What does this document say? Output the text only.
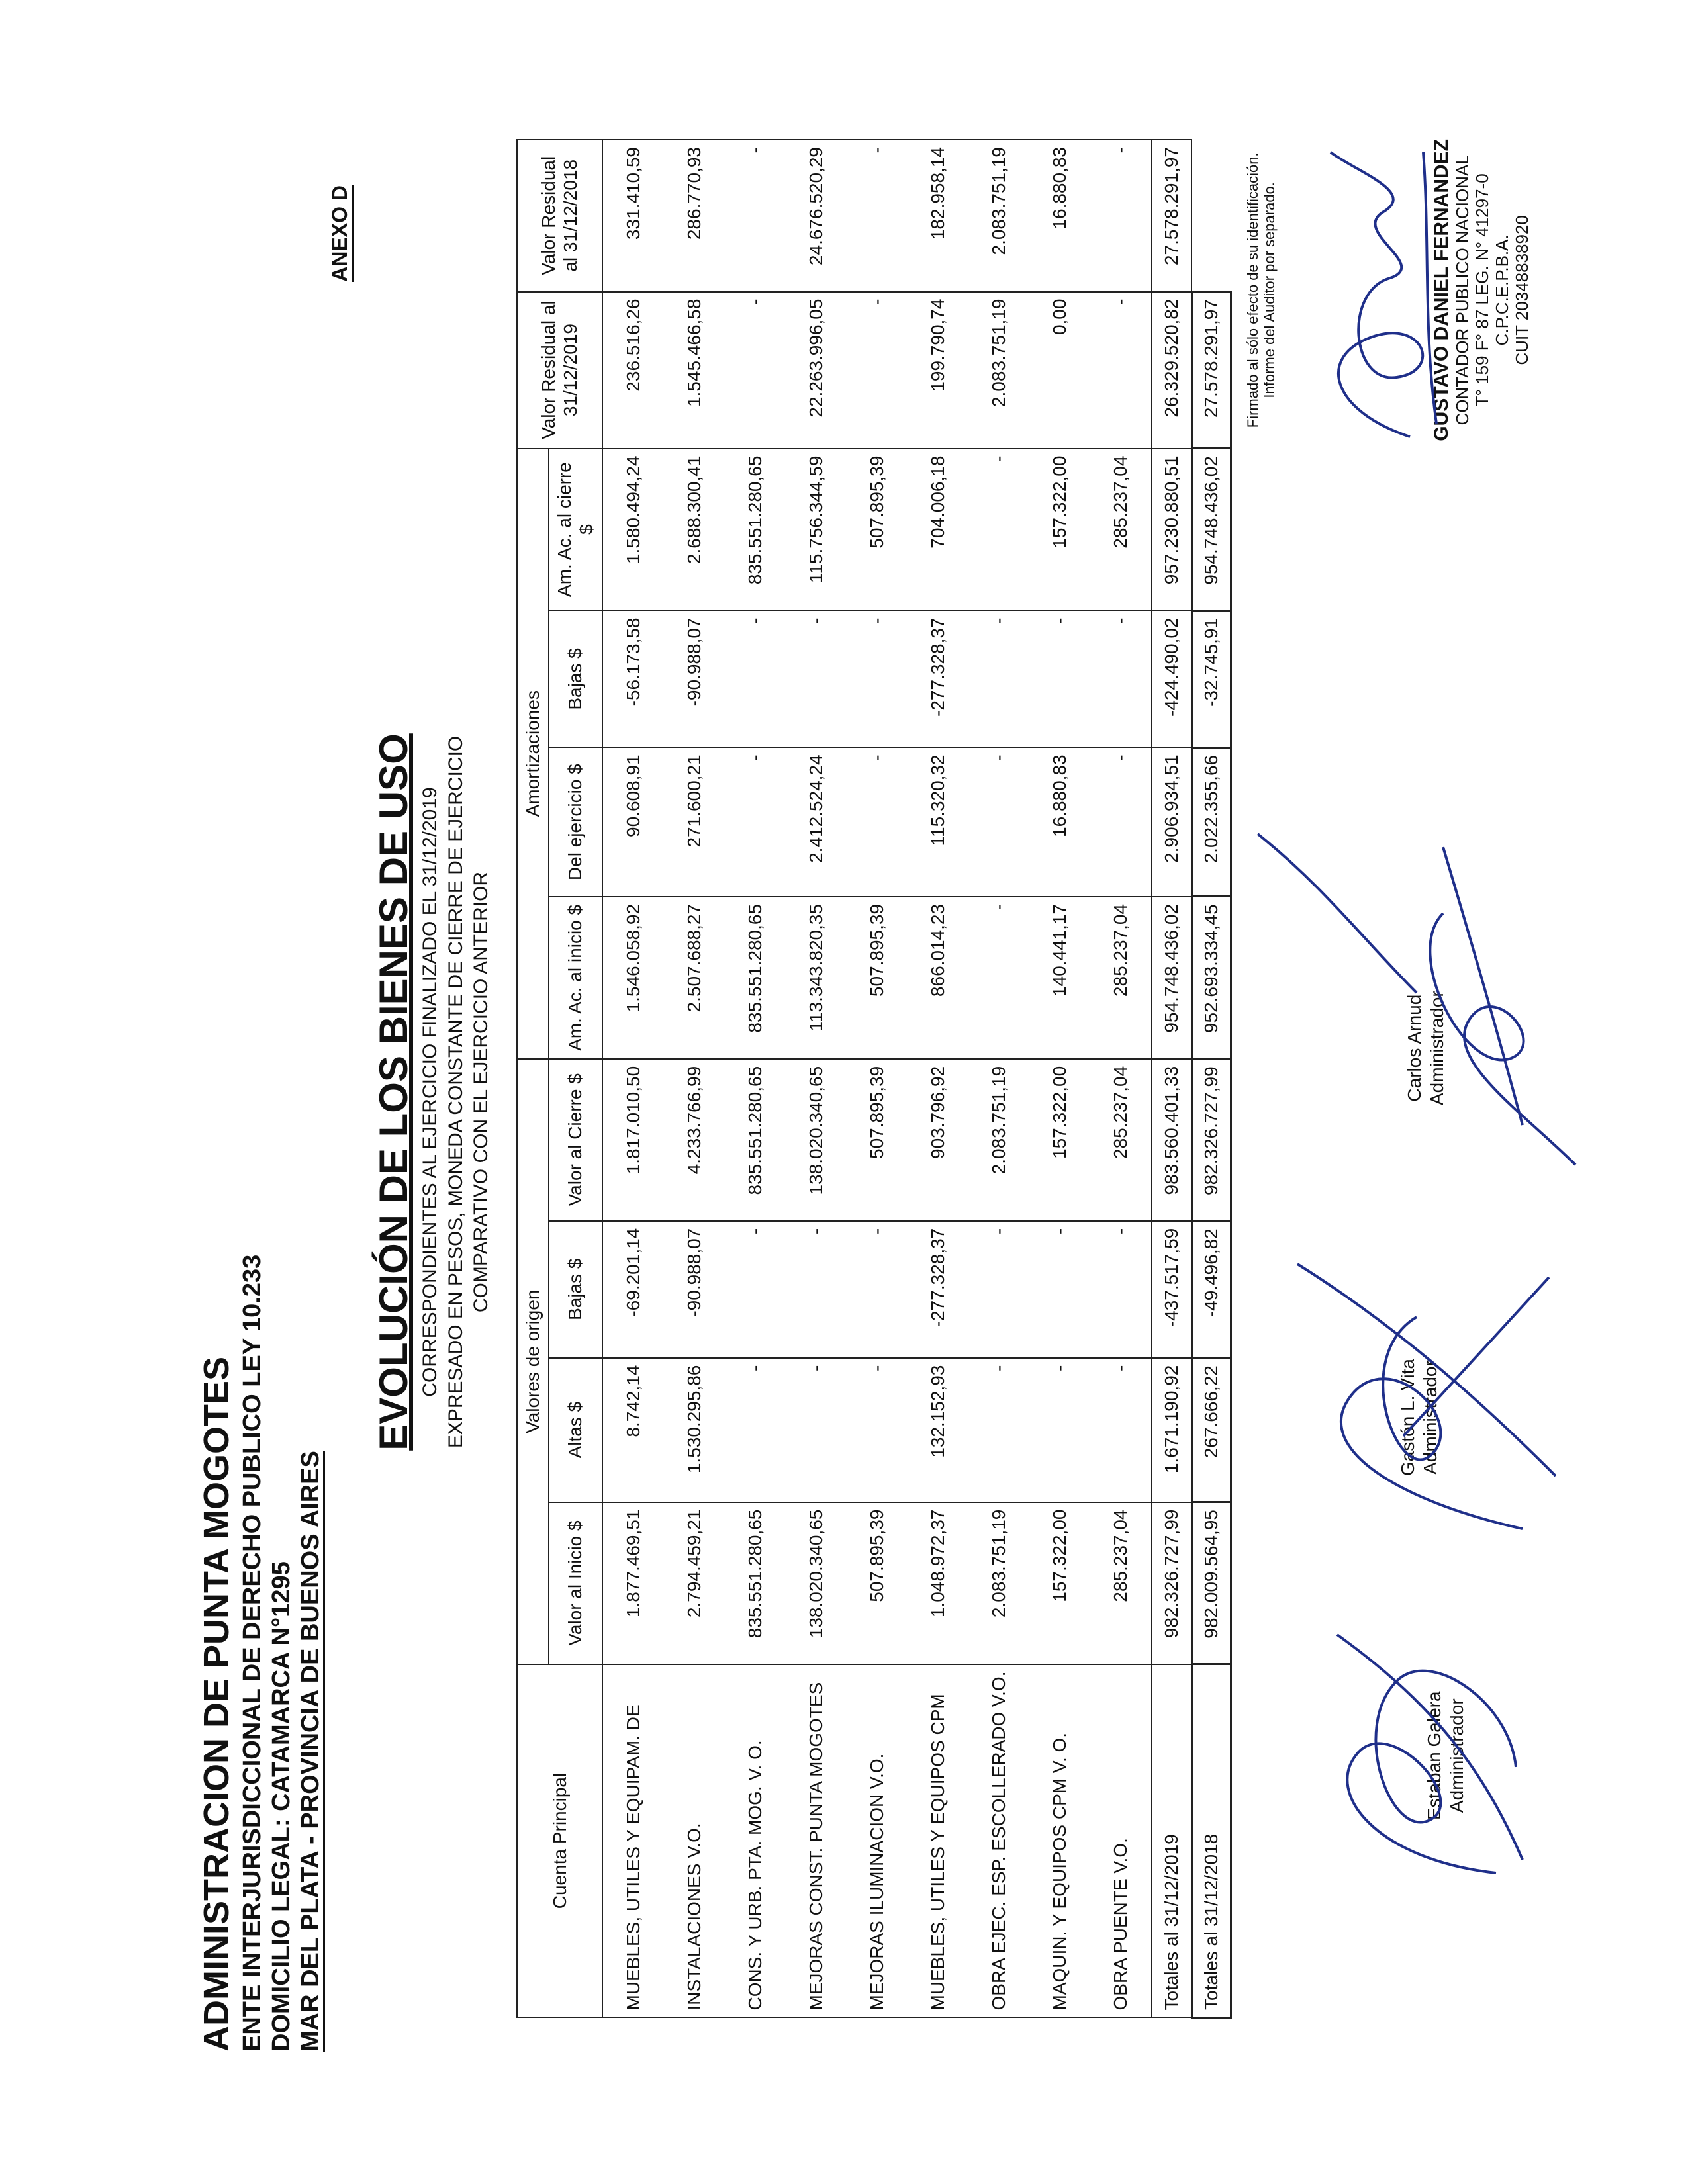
ADMINISTRACION DE PUNTA MOGOTES ENTE INTERJURISDICCIONAL DE DERECHO PUBLICO LEY 10.233 DOMICILIO LEGAL: CATAMARCA N°1295 MAR DEL PLATA - PROVINCIA DE BUENOS AIRES
ANEXO D
EVOLUCIÓN DE LOS BIENES DE USO CORRESPONDIENTES AL EJERCICIO FINALIZADO EL 31/12/2019 EXPRESADO EN PESOS, MONEDA CONSTANTE DE CIERRE DE EJERCICIO COMPARATIVO CON EL EJERCICIO ANTERIOR
Cuenta Principal	Valores de origen				Amortizaciones				Valor Residual al 31/12/2019	Valor Residual al 31/12/2018
	Valor al Inicio $	Altas $	Bajas $	Valor al Cierre $	Am. Ac. al inicio $	Del ejercicio $	Bajas $	Am. Ac. al cierre $		
MUEBLES, UTILES Y EQUIPAM. DE	1.877.469,51	8.742,14	-69.201,14	1.817.010,50	1.546.058,92	90.608,91	-56.173,58	1.580.494,24	236.516,26	331.410,59
INSTALACIONES V.O.	2.794.459,21	1.530.295,86	-90.988,07	4.233.766,99	2.507.688,27	271.600,21	-90.988,07	2.688.300,41	1.545.466,58	286.770,93
CONS. Y URB. PTA. MOG. V. O.	835.551.280,65	-	-	835.551.280,65	835.551.280,65	-	-	835.551.280,65	-	-
MEJORAS CONST. PUNTA MOGOTES	138.020.340,65	-	-	138.020.340,65	113.343.820,35	2.412.524,24	-	115.756.344,59	22.263.996,05	24.676.520,29
MEJORAS ILUMINACION V.O.	507.895,39	-	-	507.895,39	507.895,39	-	-	507.895,39	-	-
MUEBLES, UTILES Y EQUIPOS CPM	1.048.972,37	132.152,93	-277.328,37	903.796,92	866.014,23	115.320,32	-277.328,37	704.006,18	199.790,74	182.958,14
OBRA EJEC. ESP. ESCOLLERADO V.O.	2.083.751,19	-	-	2.083.751,19	-	-	-	-	2.083.751,19	2.083.751,19
MAQUIN. Y EQUIPOS CPM V. O.	157.322,00	-	-	157.322,00	140.441,17	16.880,83	-	157.322,00	0,00	16.880,83
OBRA PUENTE V.O.	285.237,04	-	-	285.237,04	285.237,04	-	-	285.237,04	-	-
Totales al 31/12/2019	982.326.727,99	1.671.190,92	-437.517,59	983.560.401,33	954.748.436,02	2.906.934,51	-424.490,02	957.230.880,51	26.329.520,82	27.578.291,97
Totales al 31/12/2018	982.009.564,95	267.666,22	-49.496,82	982.326.727,99	952.693.334,45	2.022.355,66	-32.745,91	954.748.436,02	27.578.291,97	
Estaban Galera Administrador
Gastón L. Vita Administrador
Carlos Arnud Administrador
Firmado al sólo efecto de su identificación. Informe del Auditor por separado.	GUSTAVO DANIEL FERNANDEZ CONTADOR PUBLICO NACIONAL T° 159 F° 87 LEG. N° 41297-0 C.P.C.E.P.B.A. CUIT 20348838920
